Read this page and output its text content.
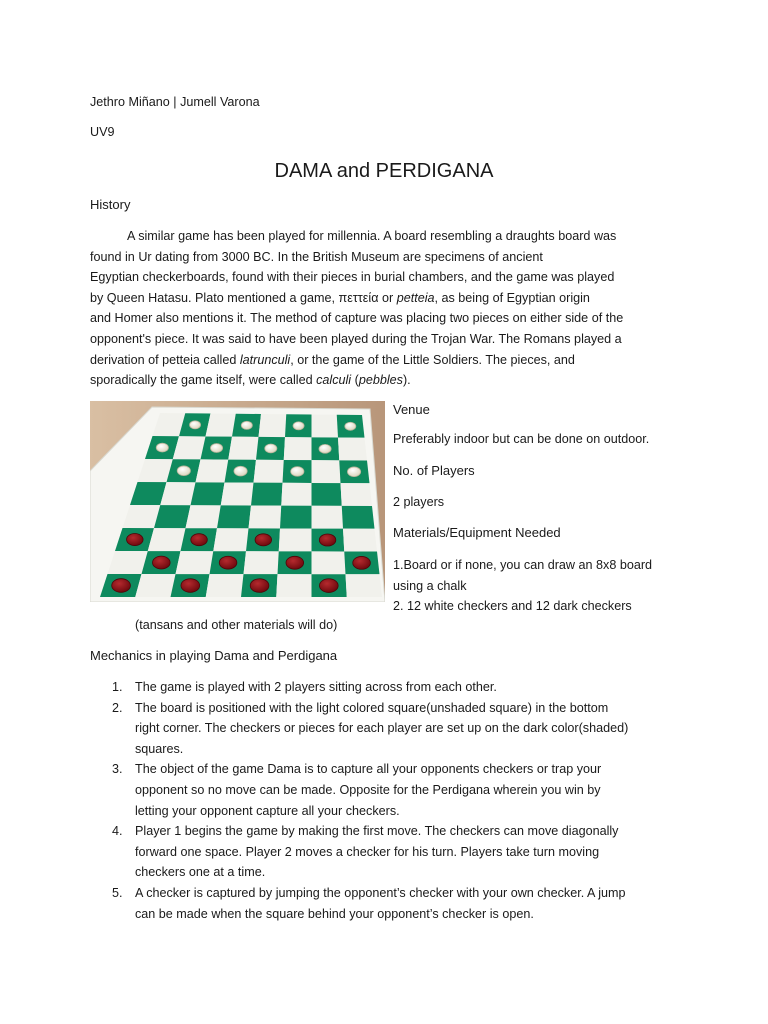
Jethro Miñano | Jumell Varona
UV9
DAMA and PERDIGANA
History

A similar game has been played for millennia. A board resembling a draughts board was
found in Ur dating from 3000 BC. In the British Museum are specimens of ancient
Egyptian checkerboards, found with their pieces in burial chambers, and the game was played
by Queen Hatasu. Plato mentioned a game, πεττεία or petteia, as being of Egyptian origin
and Homer also mentions it. The method of capture was placing two pieces on either side of the
opponent's piece. It was said to have been played during the Trojan War. The Romans played a
derivation of petteia called latrunculi, or the game of the Little Soldiers. The pieces, and
sporadically the game itself, were called calculi (pebbles).

Venue
Preferably indoor but can be done on outdoor.
No. of Players
2 players
Materials/Equipment Needed

1.Board or if none, you can draw an 8x8 board
using a chalk
2. 12 white checkers and 12 dark checkers

(tansans and other materials will do)
Mechanics in playing Dama and Perdigana
1. The game is played with 2 players sitting across from each other.
2. The board is positioned with the light colored square(unshaded square) in the bottom
right corner. The checkers or pieces for each player are set up on the dark color(shaded)
squares.
3. The object of the game Dama is to capture all your opponents checkers or trap your
opponent so no move can be made. Opposite for the Perdigana wherein you win by
letting your opponent capture all your checkers.
4. Player 1 begins the game by making the first move. The checkers can move diagonally
forward one space. Player 2 moves a checker for his turn. Players take turn moving
checkers one at a time.
5. A checker is captured by jumping the opponent’s checker with your own checker. A jump
can be made when the square behind your opponent’s checker is open.
